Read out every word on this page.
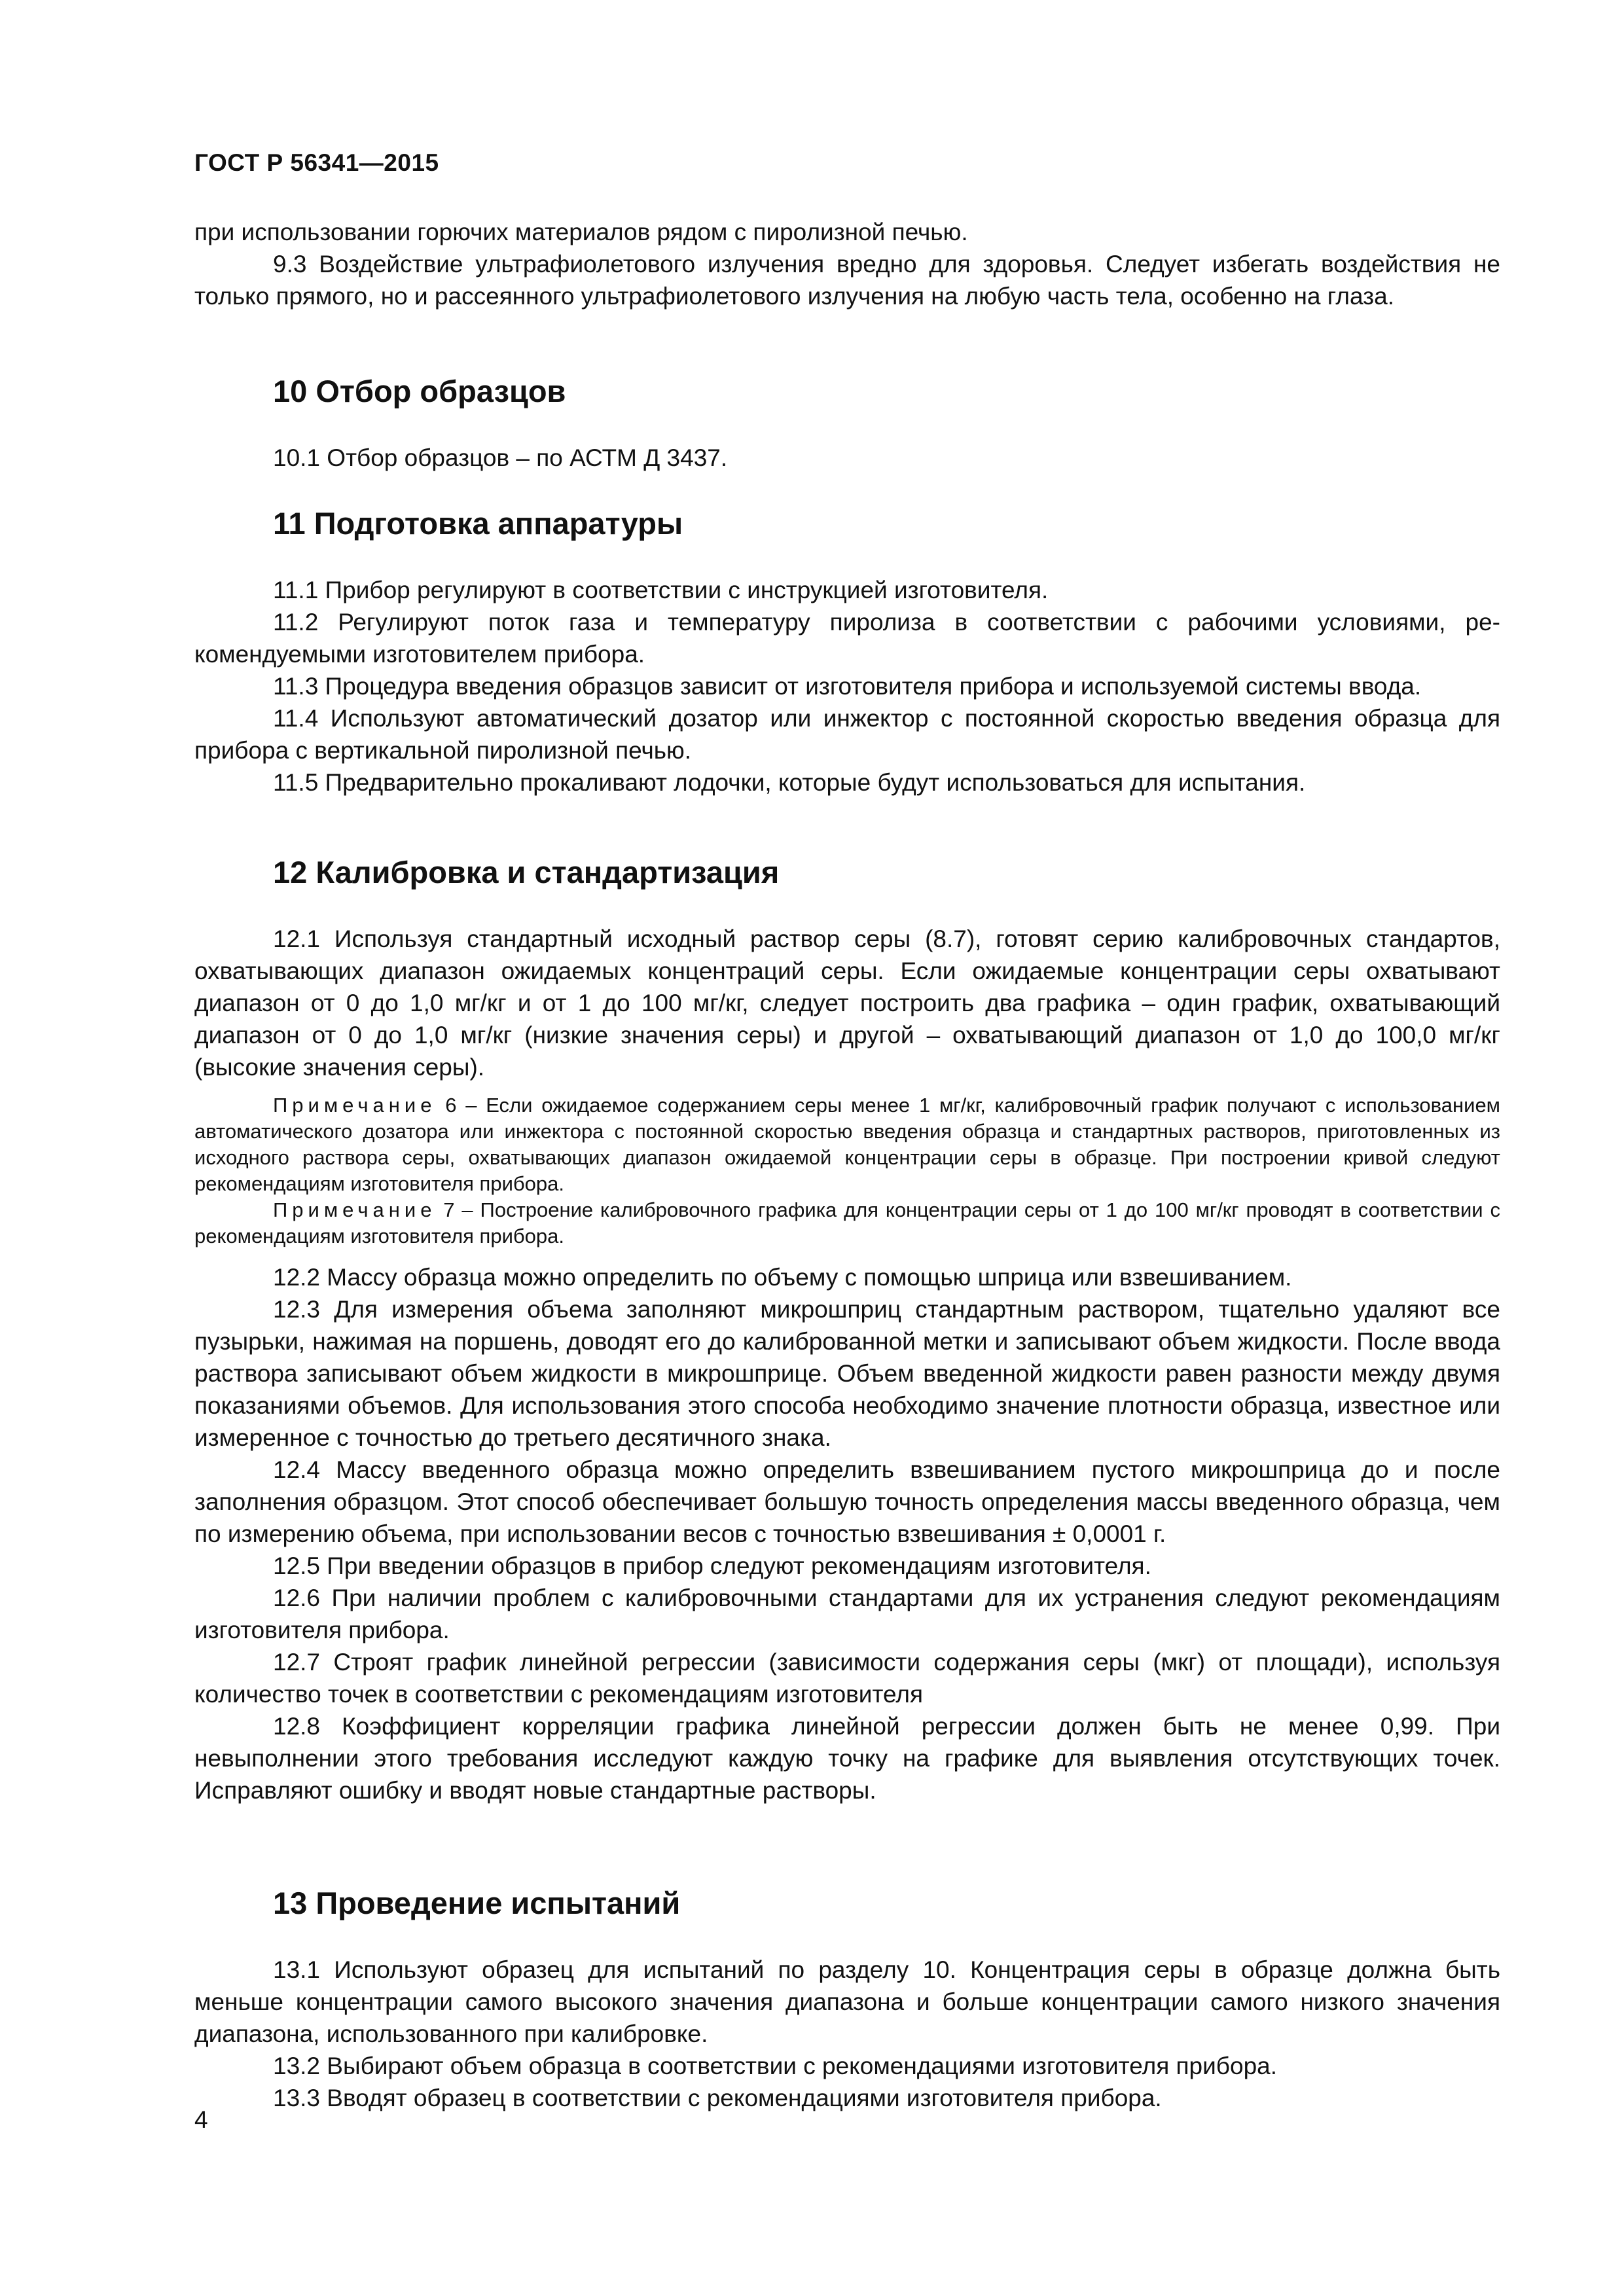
ГОСТ Р 56341—2015

при использовании горючих материалов рядом с пиролизной печью.

9.3 Воздействие ультрафиолетового излучения вредно для здоровья. Следует избегать воздействия не только прямого, но и рассеянного ультрафиолетового излучения на любую часть тела, особенно на глаза.

10 Отбор образцов

10.1 Отбор образцов – по АСТМ Д 3437.

11 Подготовка аппаратуры

11.1 Прибор регулируют в соответствии с инструкцией изготовителя.

11.2 Регулируют поток газа и температуру пиролиза в соответствии с рабочими условиями, рекомендуемыми изготовителем прибора.

11.3 Процедура введения образцов зависит от изготовителя прибора и используемой системы ввода.

11.4 Используют автоматический дозатор или инжектор с постоянной скоростью введения образца для прибора с вертикальной пиролизной печью.

11.5 Предварительно прокаливают лодочки, которые будут использоваться для испытания.

12 Калибровка и стандартизация

12.1 Используя стандартный исходный раствор серы (8.7), готовят серию калибровочных стандартов, охватывающих диапазон ожидаемых концентраций серы. Если ожидаемые концентрации серы охватывают диапазон от 0 до 1,0 мг/кг и от 1 до 100 мг/кг, следует построить два графика – один график, охватывающий диапазон от 0 до 1,0 мг/кг (низкие значения серы) и другой – охватывающий диапазон от 1,0 до 100,0 мг/кг (высокие значения серы).

Примечание 6 – Если ожидаемое содержанием серы менее 1 мг/кг, калибровочный график получают с использованием автоматического дозатора или инжектора с постоянной скоростью введения образца и стандартных растворов, приготовленных из исходного раствора серы, охватывающих диапазон ожидаемой концентрации серы в образце. При построении кривой следуют рекомендациям изготовителя прибора.

Примечание 7 – Построение калибровочного графика для концентрации серы от 1 до 100 мг/кг проводят в соответствии с рекомендациям изготовителя прибора.

12.2 Массу образца можно определить по объему с помощью шприца или взвешиванием.

12.3 Для измерения объема заполняют микрошприц стандартным раствором, тщательно удаляют все пузырьки, нажимая на поршень, доводят его до калиброванной метки и записывают объем жидкости. После ввода раствора записывают объем жидкости в микрошприце. Объем введенной жидкости равен разности между двумя показаниями объемов. Для использования этого способа необходимо значение плотности образца, известное или измеренное с точностью до третьего десятичного знака.

12.4 Массу введенного образца можно определить взвешиванием пустого микрошприца до и после заполнения образцом. Этот способ обеспечивает большую точность определения массы введенного образца, чем по измерению объема, при использовании весов с точностью взвешивания ± 0,0001 г.

12.5 При введении образцов в прибор следуют рекомендациям изготовителя.

12.6 При наличии проблем с калибровочными стандартами для их устранения следуют рекомендациям изготовителя прибора.

12.7 Строят график линейной регрессии (зависимости содержания серы (мкг) от площади), используя количество точек в соответствии с рекомендациям изготовителя

12.8 Коэффициент корреляции графика линейной регрессии должен быть не менее 0,99. При невыполнении этого требования исследуют каждую точку на графике для выявления отсутствующих точек. Исправляют ошибку и вводят новые стандартные растворы.

13 Проведение испытаний

13.1 Используют образец для испытаний по разделу 10. Концентрация серы в образце должна быть меньше концентрации самого высокого значения диапазона и больше концентрации самого низкого значения диапазона, использованного при калибровке.

13.2 Выбирают объем образца в соответствии с рекомендациями изготовителя прибора.

13.3 Вводят образец в соответствии с рекомендациями изготовителя прибора.

4
